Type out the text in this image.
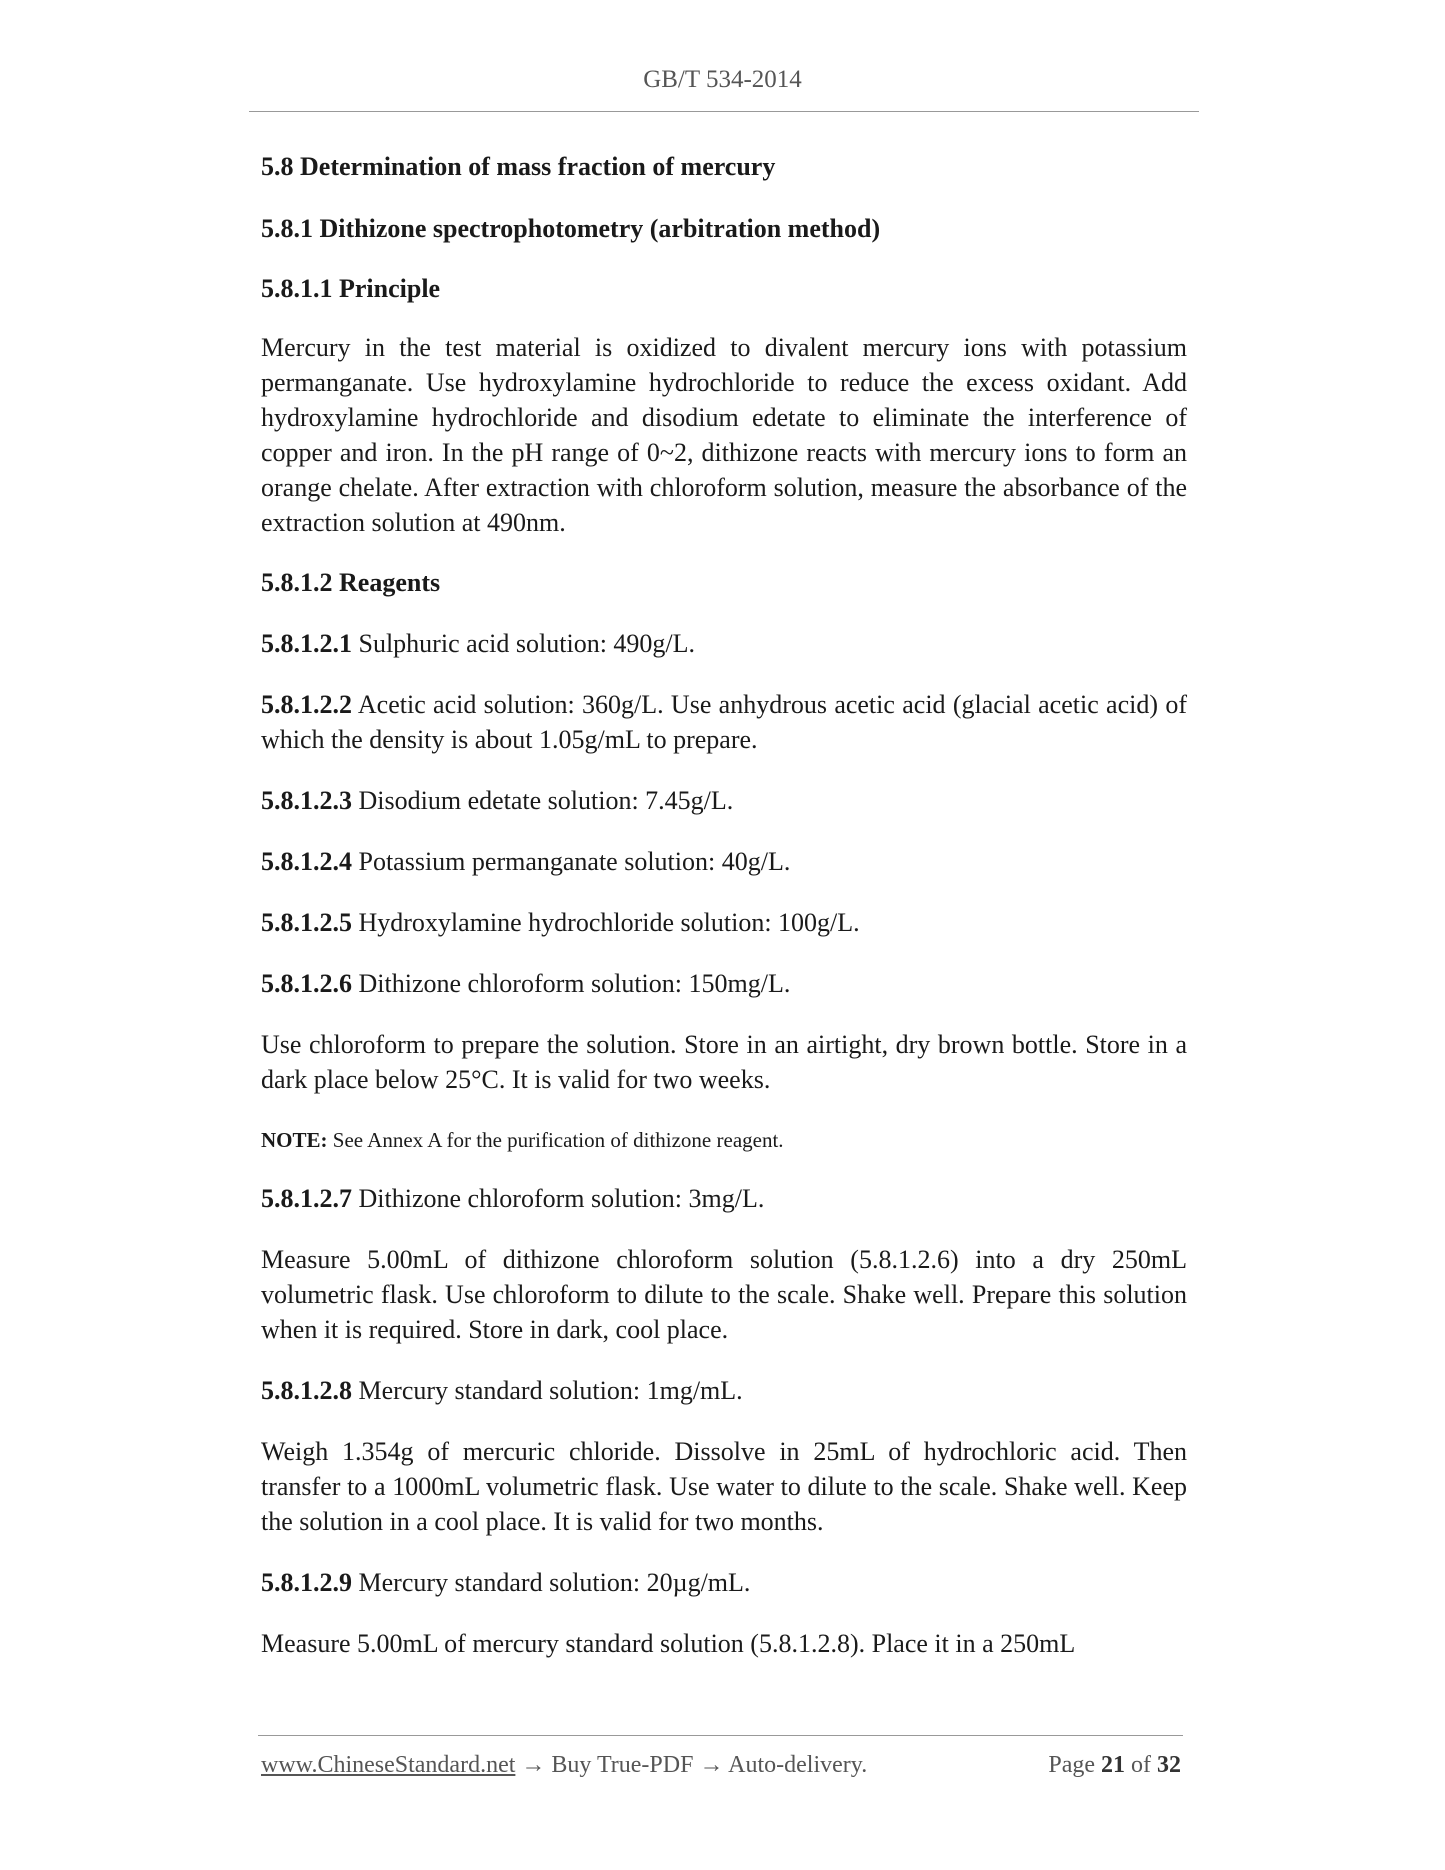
GB/T 534-2014

5.8 Determination of mass fraction of mercury

5.8.1 Dithizone spectrophotometry (arbitration method)

5.8.1.1 Principle

Mercury in the test material is oxidized to divalent mercury ions with potassium permanganate. Use hydroxylamine hydrochloride to reduce the excess oxidant. Add hydroxylamine hydrochloride and disodium edetate to eliminate the interference of copper and iron. In the pH range of 0~2, dithizone reacts with mercury ions to form an orange chelate. After extraction with chloroform solution, measure the absorbance of the extraction solution at 490nm.

5.8.1.2 Reagents

5.8.1.2.1 Sulphuric acid solution: 490g/L.

5.8.1.2.2 Acetic acid solution: 360g/L. Use anhydrous acetic acid (glacial acetic acid) of which the density is about 1.05g/mL to prepare.

5.8.1.2.3 Disodium edetate solution: 7.45g/L.

5.8.1.2.4 Potassium permanganate solution: 40g/L.

5.8.1.2.5 Hydroxylamine hydrochloride solution: 100g/L.

5.8.1.2.6 Dithizone chloroform solution: 150mg/L.

Use chloroform to prepare the solution. Store in an airtight, dry brown bottle. Store in a dark place below 25°C. It is valid for two weeks.

NOTE: See Annex A for the purification of dithizone reagent.

5.8.1.2.7 Dithizone chloroform solution: 3mg/L.

Measure 5.00mL of dithizone chloroform solution (5.8.1.2.6) into a dry 250mL volumetric flask. Use chloroform to dilute to the scale. Shake well. Prepare this solution when it is required. Store in dark, cool place.

5.8.1.2.8 Mercury standard solution: 1mg/mL.

Weigh 1.354g of mercuric chloride. Dissolve in 25mL of hydrochloric acid. Then transfer to a 1000mL volumetric flask. Use water to dilute to the scale. Shake well. Keep the solution in a cool place. It is valid for two months.

5.8.1.2.9 Mercury standard solution: 20µg/mL.

Measure 5.00mL of mercury standard solution (5.8.1.2.8). Place it in a 250mL

www.ChineseStandard.net → Buy True-PDF → Auto-delivery.	Page 21 of 32
